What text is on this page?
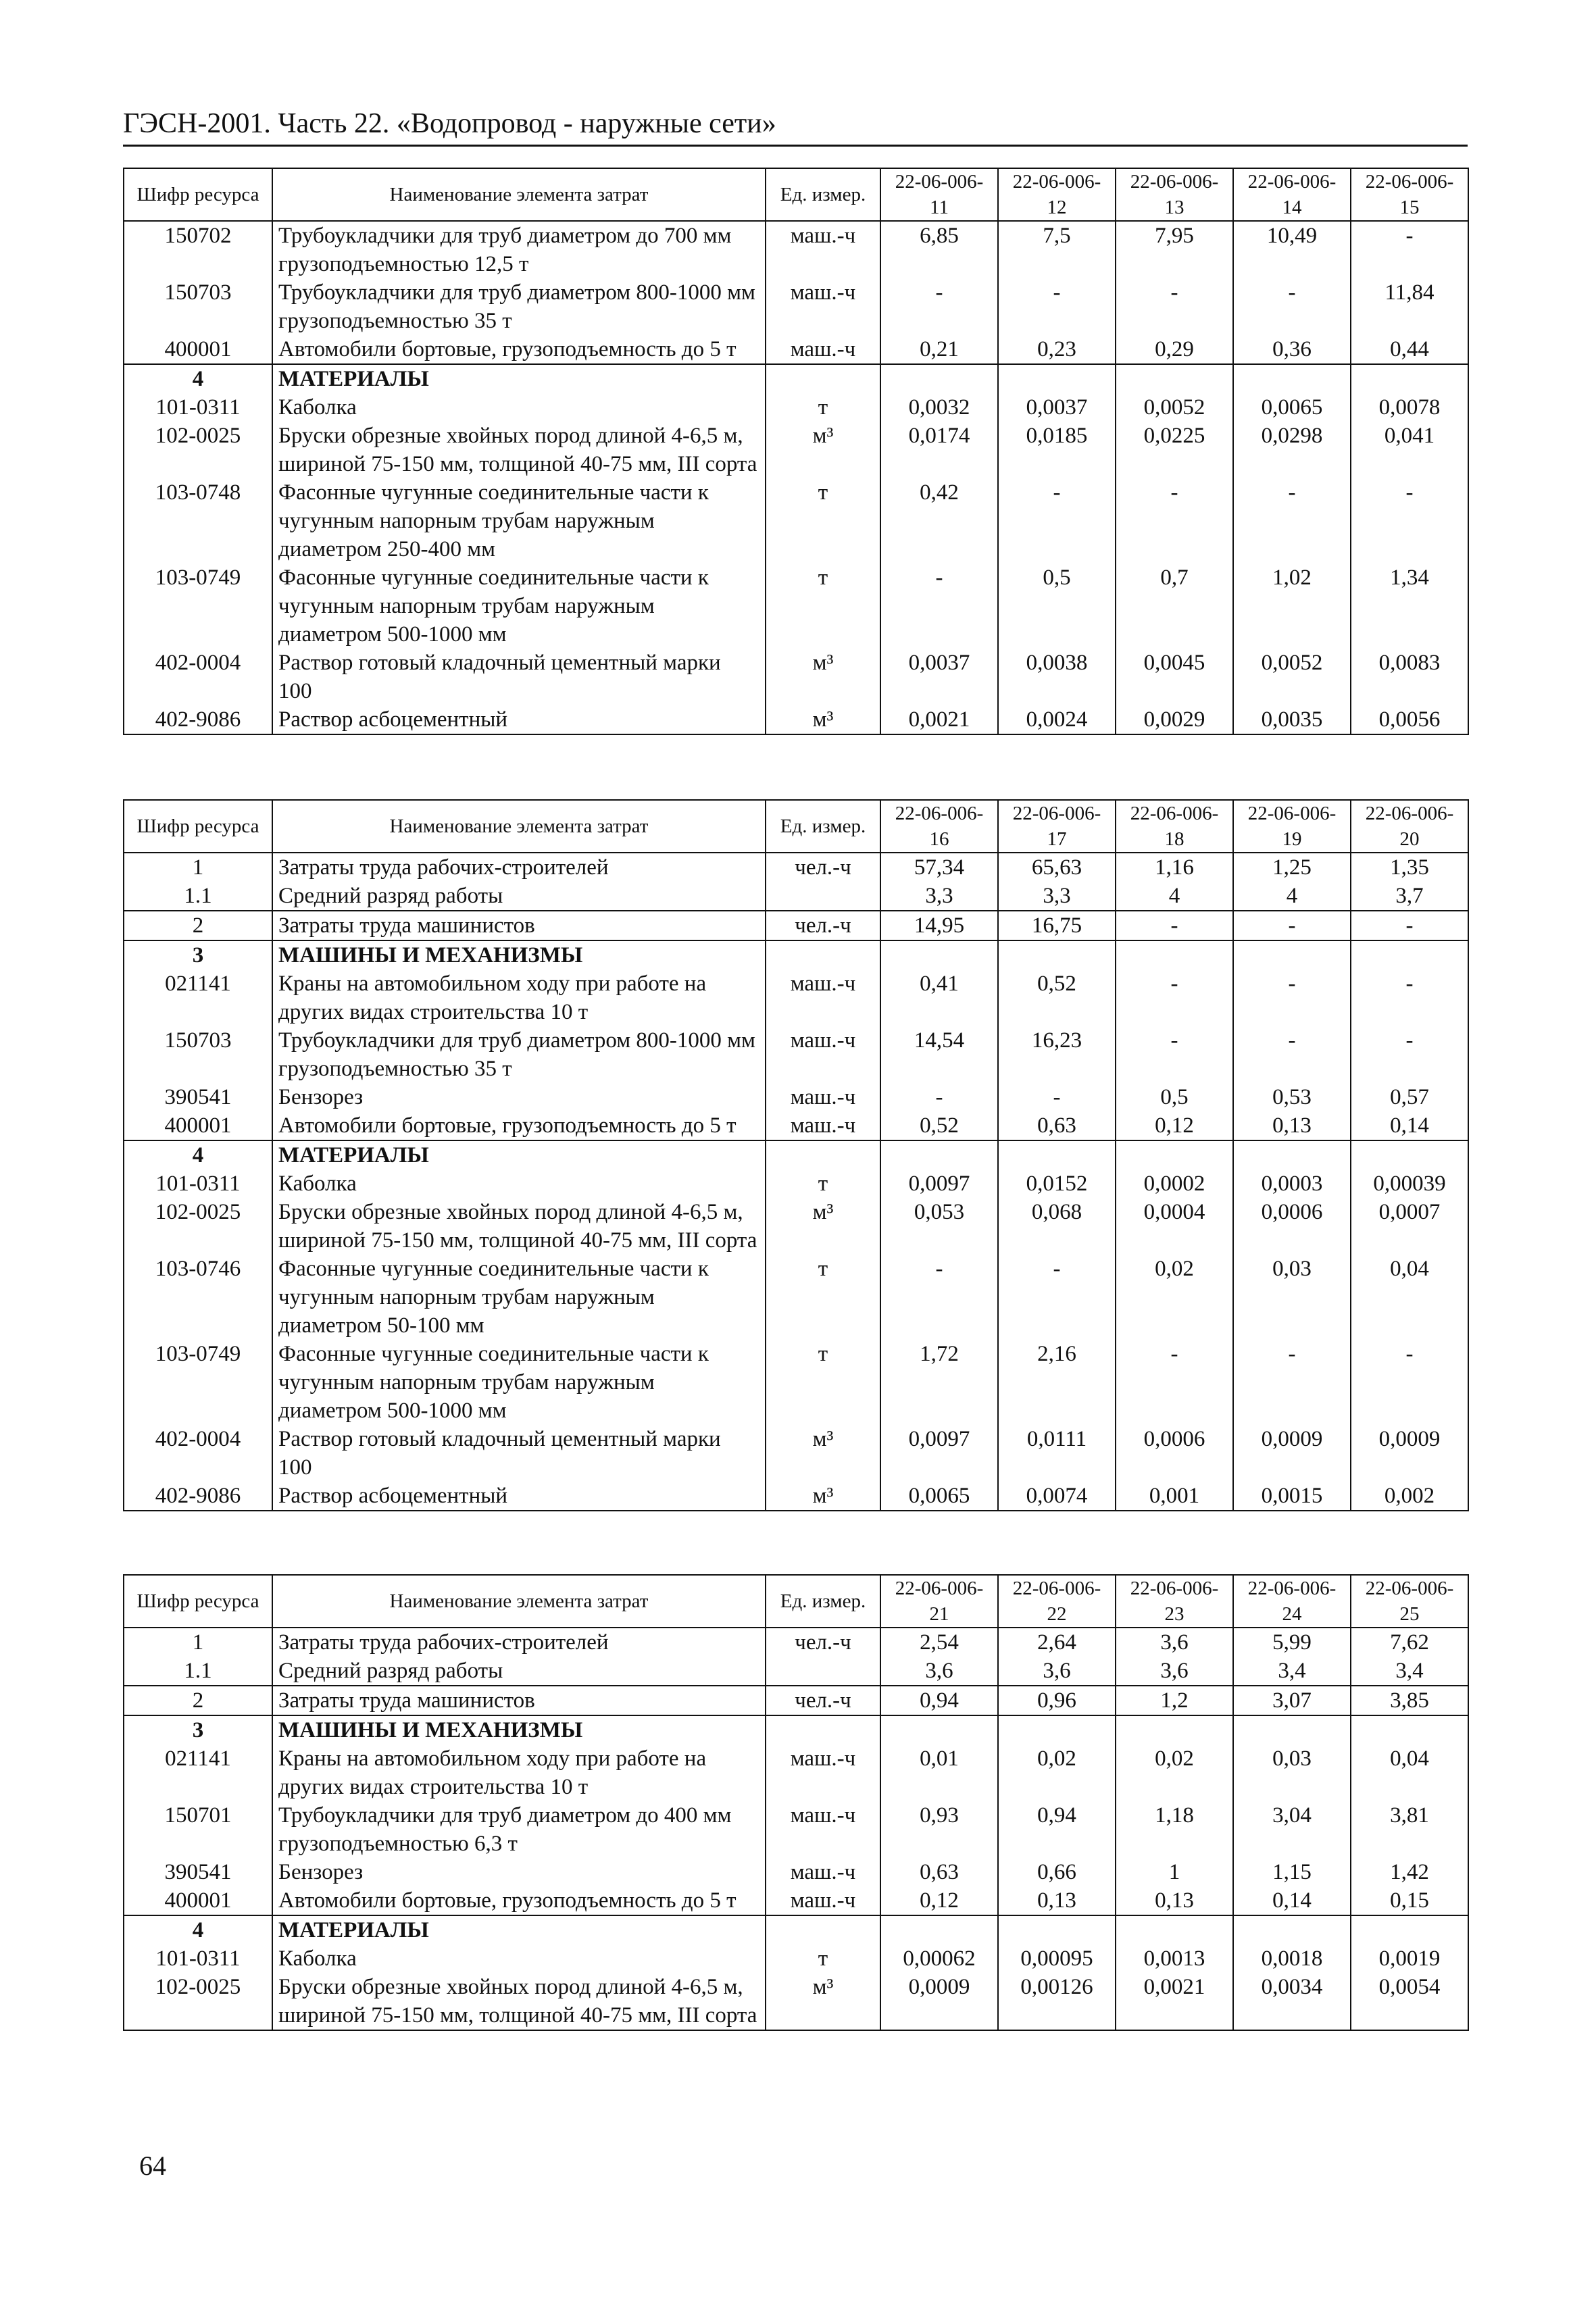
ГЭСН-2001. Часть 22. «Водопровод - наружные сети»
Шифр ресурса	Наименование элемента затрат	Ед. измер.	22-06-006-11	22-06-006-12	22-06-006-13	22-06-006-14	22-06-006-15
150702	Трубоукладчики для труб диаметром до 700 мм грузоподъемностью 12,5 т	маш.-ч	6,85	7,5	7,95	10,49	-
150703	Трубоукладчики для труб диаметром 800-1000 мм грузоподъемностью 35 т	маш.-ч	-	-	-	-	11,84
400001	Автомобили бортовые, грузоподъемность до 5 т	маш.-ч	0,21	0,23	0,29	0,36	0,44
4	МАТЕРИАЛЫ						
101-0311	Каболка	т	0,0032	0,0037	0,0052	0,0065	0,0078
102-0025	Бруски обрезные хвойных пород длиной 4-6,5 м, шириной 75-150 мм, толщиной 40-75 мм, III сорта	м³	0,0174	0,0185	0,0225	0,0298	0,041
103-0748	Фасонные чугунные соединительные части к чугунным напорным трубам наружным диаметром 250-400 мм	т	0,42	-	-	-	-
103-0749	Фасонные чугунные соединительные части к чугунным напорным трубам наружным диаметром 500-1000 мм	т	-	0,5	0,7	1,02	1,34
402-0004	Раствор готовый кладочный цементный марки 100	м³	0,0037	0,0038	0,0045	0,0052	0,0083
402-9086	Раствор асбоцементный	м³	0,0021	0,0024	0,0029	0,0035	0,0056
Шифр ресурса	Наименование элемента затрат	Ед. измер.	22-06-006-16	22-06-006-17	22-06-006-18	22-06-006-19	22-06-006-20
1	Затраты труда рабочих-строителей	чел.-ч	57,34	65,63	1,16	1,25	1,35
1.1	Средний разряд работы		3,3	3,3	4	4	3,7
2	Затраты труда машинистов	чел.-ч	14,95	16,75	-	-	-
3	МАШИНЫ И МЕХАНИЗМЫ						
021141	Краны на автомобильном ходу при работе на других видах строительства 10 т	маш.-ч	0,41	0,52	-	-	-
150703	Трубоукладчики для труб диаметром 800-1000 мм грузоподъемностью 35 т	маш.-ч	14,54	16,23	-	-	-
390541	Бензорез	маш.-ч	-	-	0,5	0,53	0,57
400001	Автомобили бортовые, грузоподъемность до 5 т	маш.-ч	0,52	0,63	0,12	0,13	0,14
4	МАТЕРИАЛЫ						
101-0311	Каболка	т	0,0097	0,0152	0,0002	0,0003	0,00039
102-0025	Бруски обрезные хвойных пород длиной 4-6,5 м, шириной 75-150 мм, толщиной 40-75 мм, III сорта	м³	0,053	0,068	0,0004	0,0006	0,0007
103-0746	Фасонные чугунные соединительные части к чугунным напорным трубам наружным диаметром 50-100 мм	т	-	-	0,02	0,03	0,04
103-0749	Фасонные чугунные соединительные части к чугунным напорным трубам наружным диаметром 500-1000 мм	т	1,72	2,16	-	-	-
402-0004	Раствор готовый кладочный цементный марки 100	м³	0,0097	0,0111	0,0006	0,0009	0,0009
402-9086	Раствор асбоцементный	м³	0,0065	0,0074	0,001	0,0015	0,002
Шифр ресурса	Наименование элемента затрат	Ед. измер.	22-06-006-21	22-06-006-22	22-06-006-23	22-06-006-24	22-06-006-25
1	Затраты труда рабочих-строителей	чел.-ч	2,54	2,64	3,6	5,99	7,62
1.1	Средний разряд работы		3,6	3,6	3,6	3,4	3,4
2	Затраты труда машинистов	чел.-ч	0,94	0,96	1,2	3,07	3,85
3	МАШИНЫ И МЕХАНИЗМЫ						
021141	Краны на автомобильном ходу при работе на других видах строительства 10 т	маш.-ч	0,01	0,02	0,02	0,03	0,04
150701	Трубоукладчики для труб диаметром до 400 мм грузоподъемностью 6,3 т	маш.-ч	0,93	0,94	1,18	3,04	3,81
390541	Бензорез	маш.-ч	0,63	0,66	1	1,15	1,42
400001	Автомобили бортовые, грузоподъемность до 5 т	маш.-ч	0,12	0,13	0,13	0,14	0,15
4	МАТЕРИАЛЫ						
101-0311	Каболка	т	0,00062	0,00095	0,0013	0,0018	0,0019
102-0025	Бруски обрезные хвойных пород длиной 4-6,5 м, шириной 75-150 мм, толщиной 40-75 мм, III сорта	м³	0,0009	0,00126	0,0021	0,0034	0,0054
64
